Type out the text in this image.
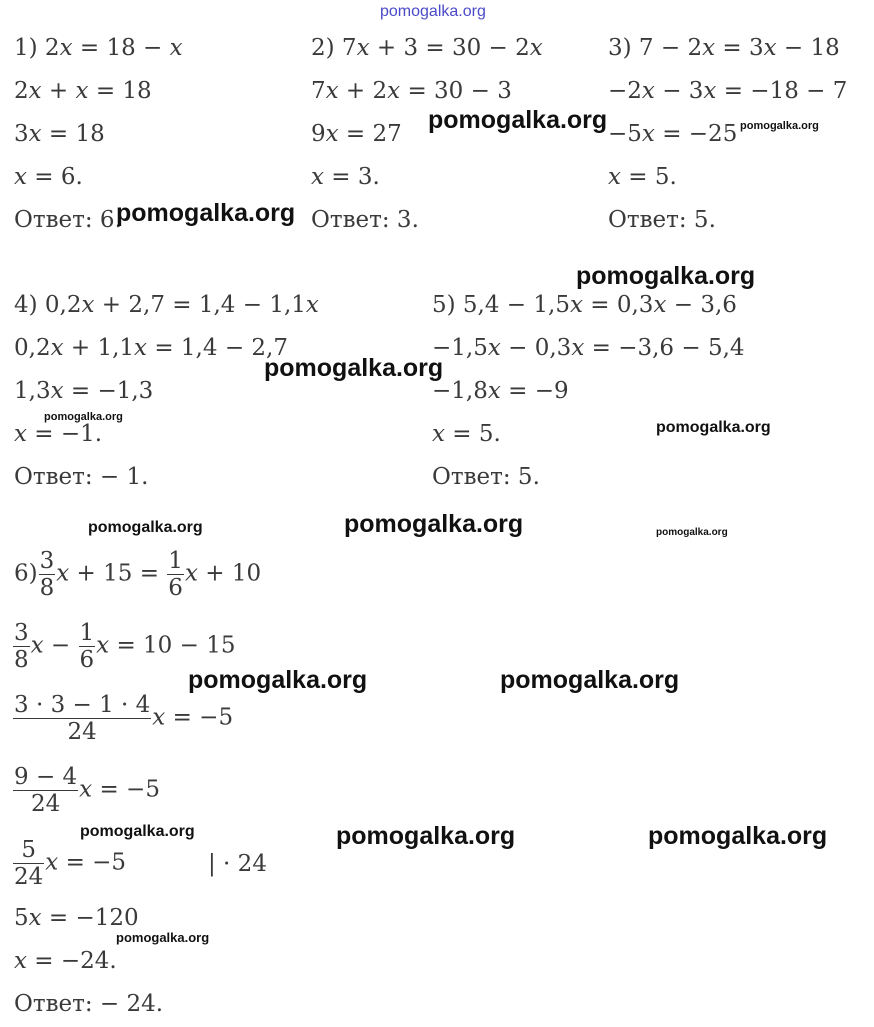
pomogalka.org
1) 2x = 18 − x
2x + x = 18
3x = 18
x = 6.
Ответ: 6.
2) 7x + 3 = 30 − 2x
7x + 2x = 30 − 3
9x = 27
x = 3.
Ответ: 3.
3) 7 − 2x = 3x − 18
−2x − 3x = −18 − 7
−5x = −25
x = 5.
Ответ: 5.
4) 0,2x + 2,7 = 1,4 − 1,1x
0,2x + 1,1x = 1,4 − 2,7
1,3x = −1,3
x = −1.
Ответ: − 1.
5) 5,4 − 1,5x = 0,3x − 3,6
−1,5x − 0,3x = −3,6 − 5,4
−1,8x = −9
x = 5.
Ответ: 5.
$6) \frac{3}{8}$ $x + 15 = \frac{1}{6}$ x + 10
$\frac{3}{8}$ $x - \frac{1}{6}$ x = 10 − 15
$\frac{3 \cdot 3 - 1 \cdot 4}{24}$ x = −5
$\frac{9 - 4}{24}$ x = −5
$\frac{5}{24}$ x = −5	| · 24
5x = −120
x = −24.
Ответ: − 24.
pomogalka.org	pomogalka.org
pomogalka.org
pomogalka.org
pomogalka.org
pomogalka.org
pomogalka.org
pomogalka.org	pomogalka.org	pomogalka.org
pomogalka.org	pomogalka.org
pomogalka.org	pomogalka.org	pomogalka.org
pomogalka.org
